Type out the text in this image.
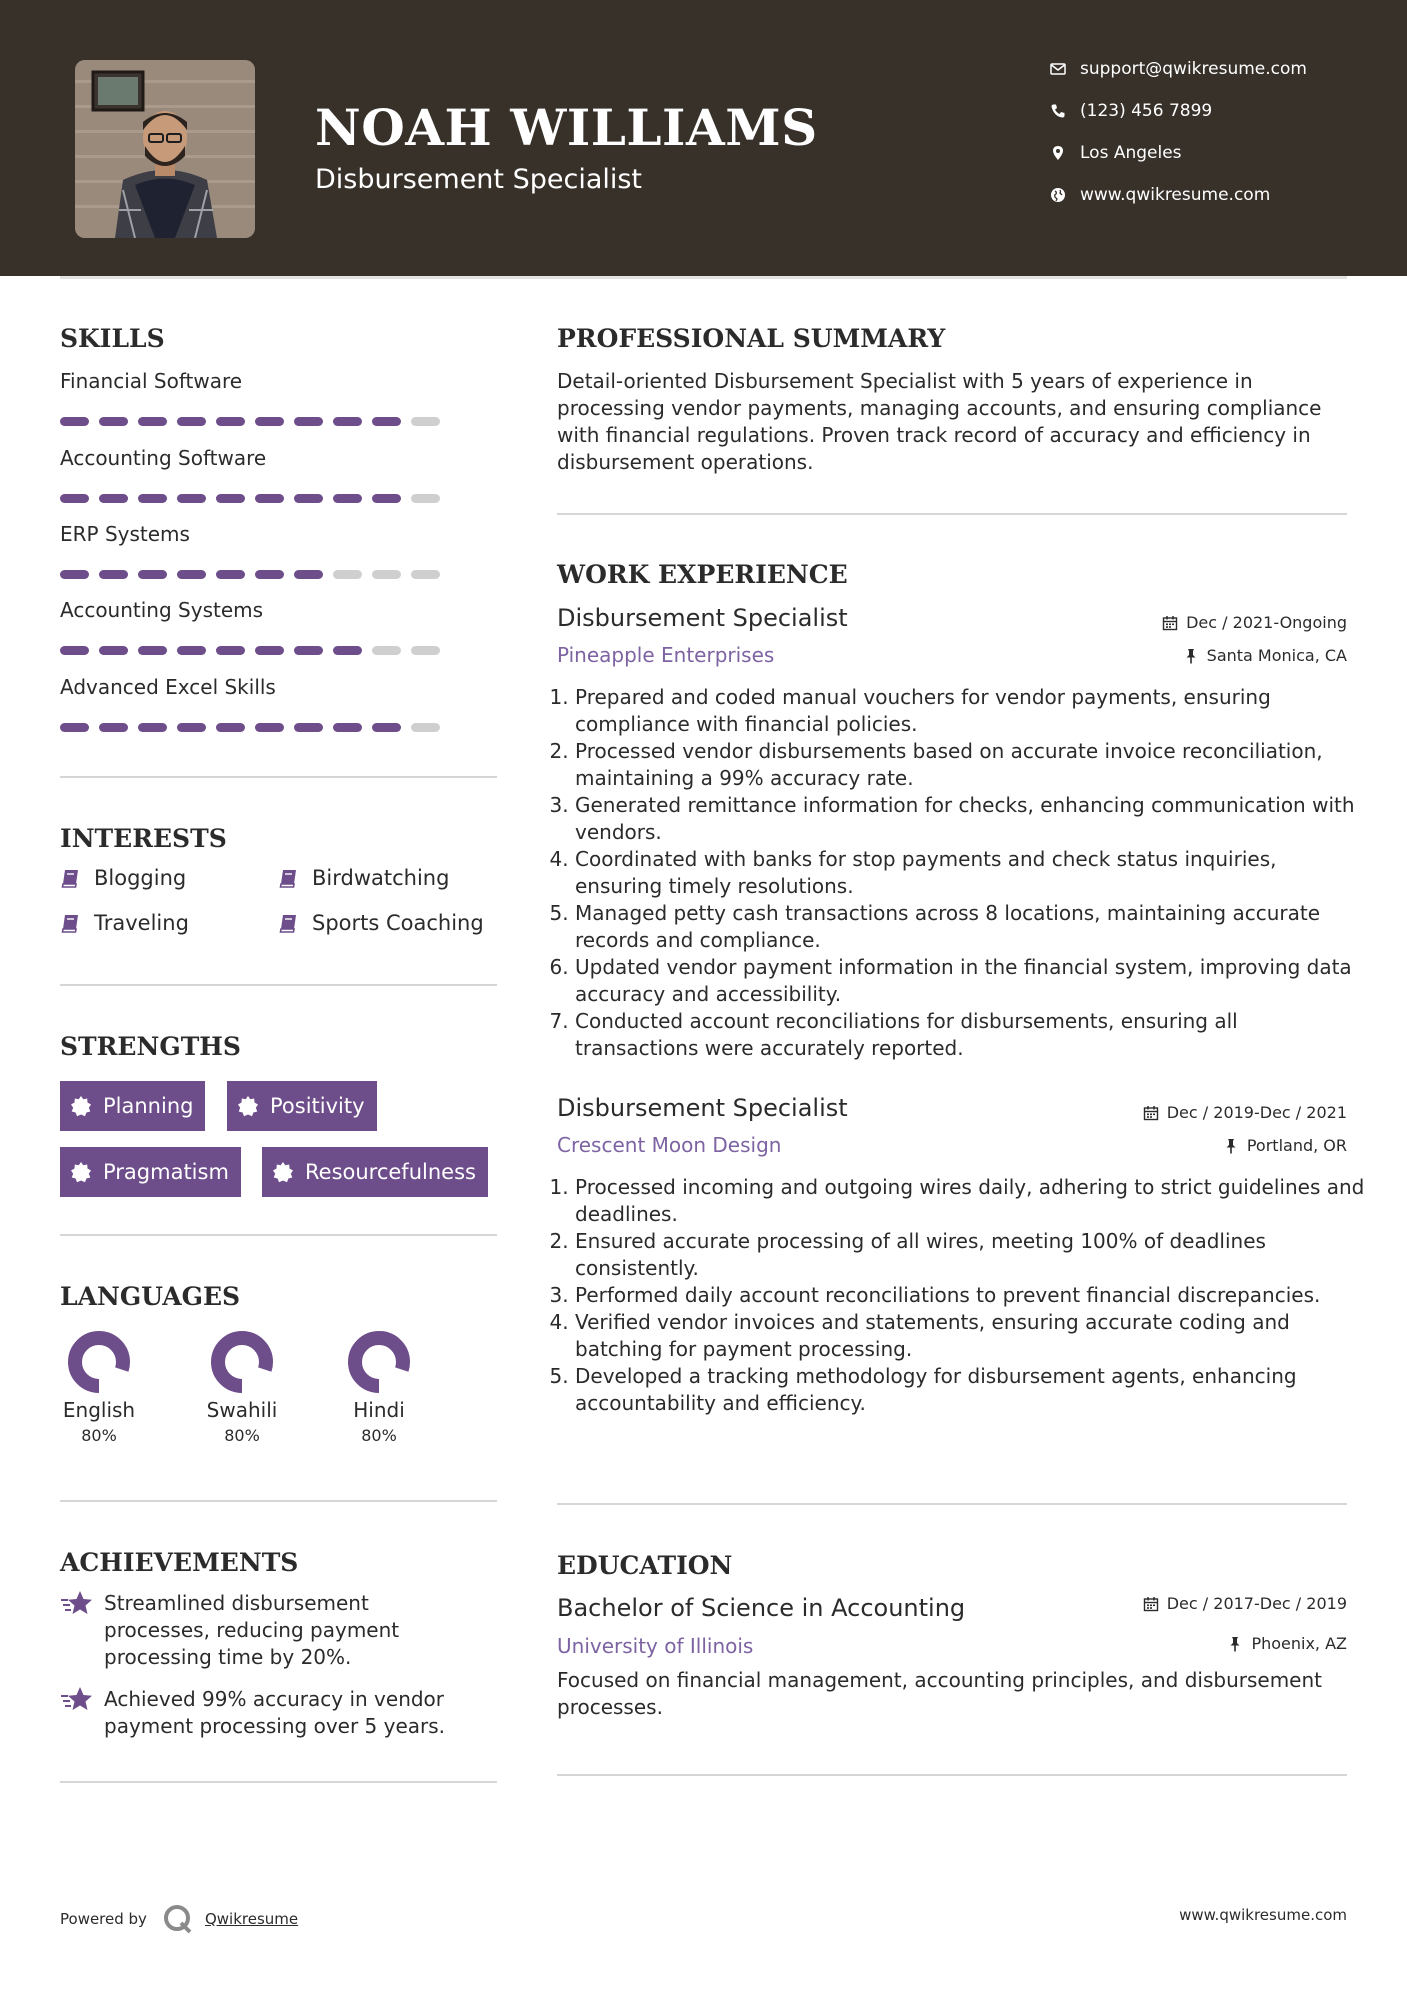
NOAH WILLIAMS
Disbursement Specialist
support@qwikresume.com
(123) 456 7899
Los Angeles
www.qwikresume.com
SKILLS
Financial Software
Accounting Software
ERP Systems
Accounting Systems
Advanced Excel Skills
INTERESTS
Blogging	Birdwatching
Traveling	Sports Coaching
STRENGTHS
Planning	Positivity
Pragmatism	Resourcefulness
LANGUAGES
English
80%
Swahili
80%
Hindi
80%
ACHIEVEMENTS
Streamlined disbursement processes, reducing payment processing time by 20%.
Achieved 99% accuracy in vendor payment processing over 5 years.
PROFESSIONAL SUMMARY
Detail-oriented Disbursement Specialist with 5 years of experience in processing vendor payments, managing accounts, and ensuring compliance with financial regulations. Proven track record of accuracy and efficiency in disbursement operations.
WORK EXPERIENCE
Disbursement Specialist	Dec / 2021-Ongoing
Pineapple Enterprises	Santa Monica, CA
1. Prepared and coded manual vouchers for vendor payments, ensuring compliance with financial policies.
2. Processed vendor disbursements based on accurate invoice reconciliation, maintaining a 99% accuracy rate.
3. Generated remittance information for checks, enhancing communication with vendors.
4. Coordinated with banks for stop payments and check status inquiries, ensuring timely resolutions.
5. Managed petty cash transactions across 8 locations, maintaining accurate records and compliance.
6. Updated vendor payment information in the financial system, improving data accuracy and accessibility.
7. Conducted account reconciliations for disbursements, ensuring all transactions were accurately reported.
Disbursement Specialist	Dec / 2019-Dec / 2021
Crescent Moon Design	Portland, OR
1. Processed incoming and outgoing wires daily, adhering to strict guidelines and deadlines.
2. Ensured accurate processing of all wires, meeting 100% of deadlines consistently.
3. Performed daily account reconciliations to prevent financial discrepancies.
4. Verified vendor invoices and statements, ensuring accurate coding and batching for payment processing.
5. Developed a tracking methodology for disbursement agents, enhancing accountability and efficiency.
EDUCATION
Bachelor of Science in Accounting	Dec / 2017-Dec / 2019
University of Illinois	Phoenix, AZ
Focused on financial management, accounting principles, and disbursement processes.
Powered by	Qwikresume	www.qwikresume.com
